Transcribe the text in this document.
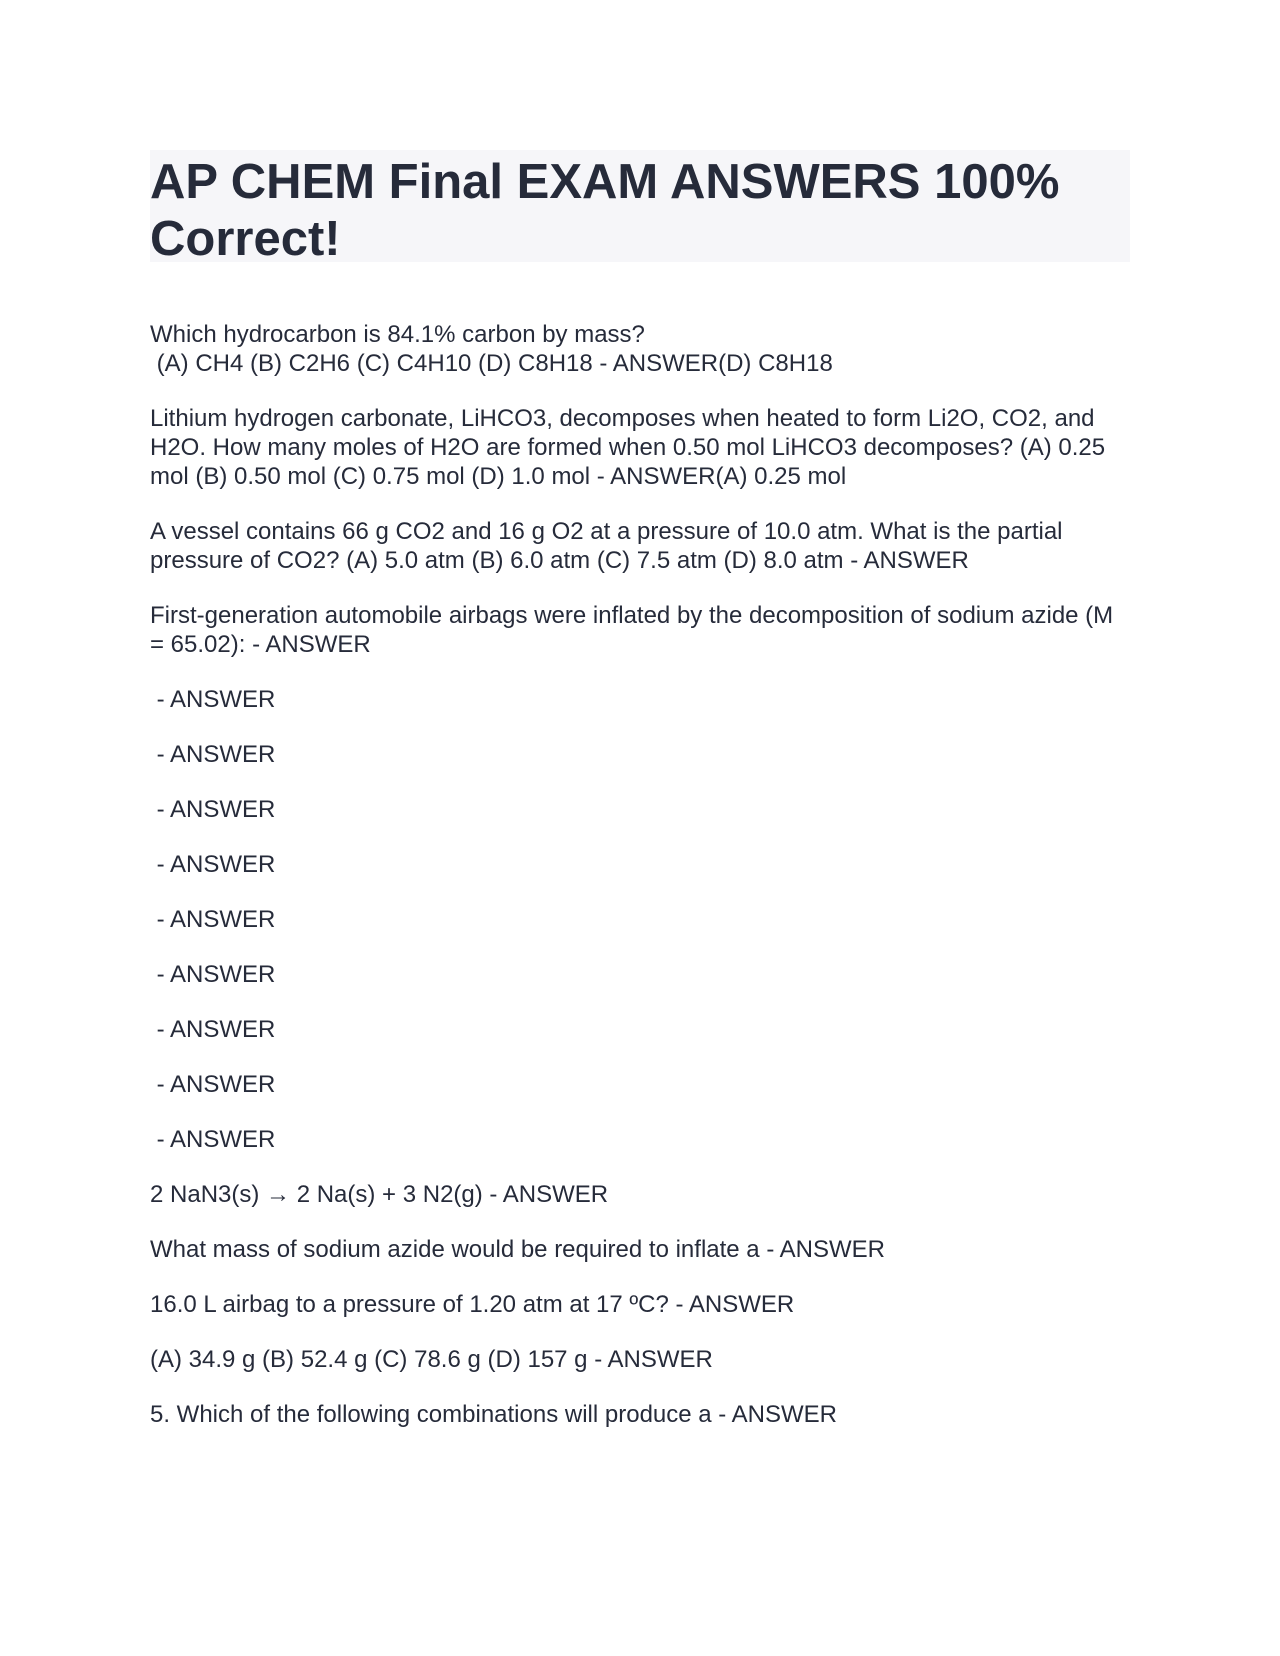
AP CHEM Final EXAM ANSWERS 100% Correct!

Which hydrocarbon is 84.1% carbon by mass?
(A) CH4 (B) C2H6 (C) C4H10 (D) C8H18 - ANSWER(D) C8H18

Lithium hydrogen carbonate, LiHCO3, decomposes when heated to form Li2O, CO2, and H2O. How many moles of H2O are formed when 0.50 mol LiHCO3 decomposes? (A) 0.25 mol (B) 0.50 mol (C) 0.75 mol (D) 1.0 mol - ANSWER(A) 0.25 mol

A vessel contains 66 g CO2 and 16 g O2 at a pressure of 10.0 atm. What is the partial pressure of CO2? (A) 5.0 atm (B) 6.0 atm (C) 7.5 atm (D) 8.0 atm - ANSWER

First-generation automobile airbags were inflated by the decomposition of sodium azide (M = 65.02): - ANSWER

- ANSWER

- ANSWER

- ANSWER

- ANSWER

- ANSWER

- ANSWER

- ANSWER

- ANSWER

- ANSWER

2 NaN3(s) → 2 Na(s) + 3 N2(g) - ANSWER

What mass of sodium azide would be required to inflate a - ANSWER

16.0 L airbag to a pressure of 1.20 atm at 17 ºC? - ANSWER

(A) 34.9 g (B) 52.4 g (C) 78.6 g (D) 157 g - ANSWER

5. Which of the following combinations will produce a - ANSWER
